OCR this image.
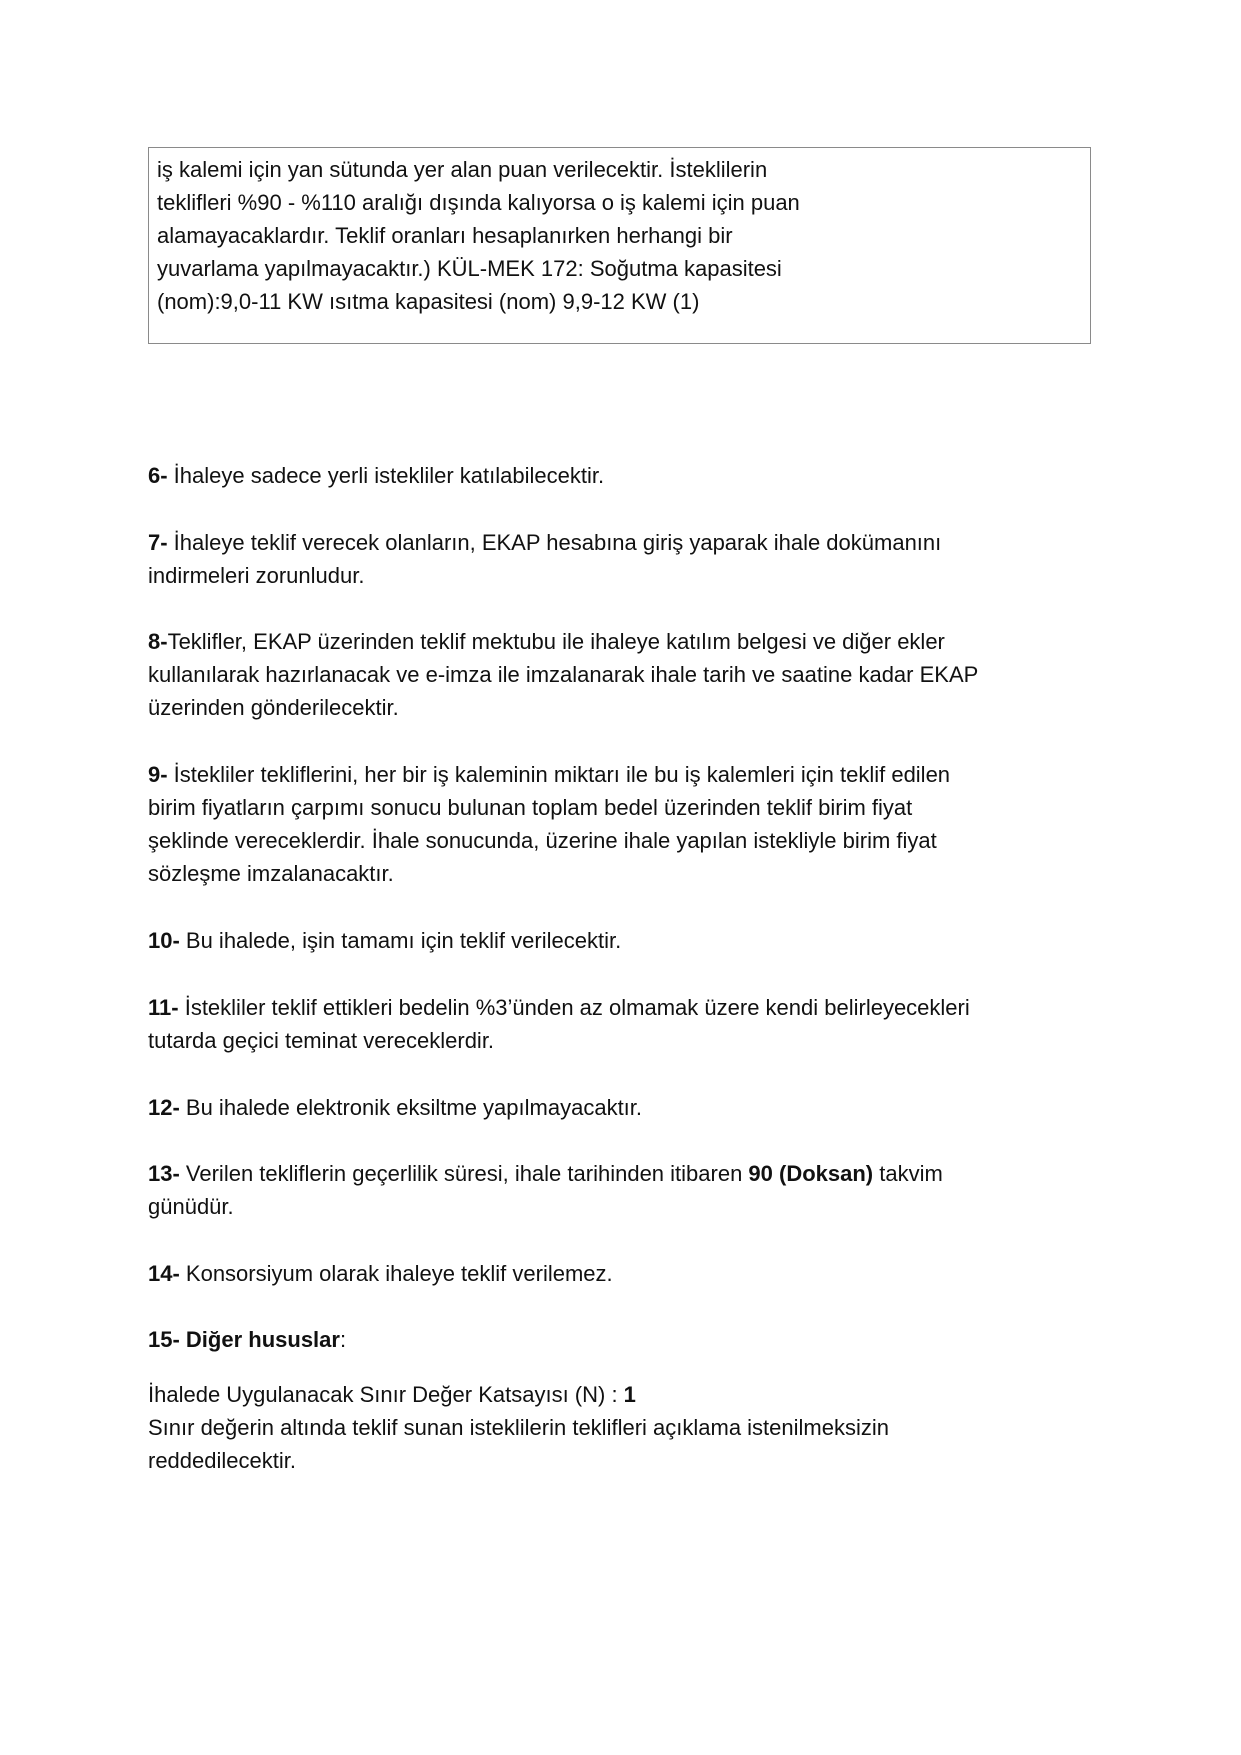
iş kalemi için yan sütunda yer alan puan verilecektir. İsteklilerin
teklifleri %90 - %110 aralığı dışında kalıyorsa o iş kalemi için puan
alamayacaklardır. Teklif oranları hesaplanırken herhangi bir
yuvarlama yapılmayacaktır.) KÜL-MEK 172: Soğutma kapasitesi
(nom):9,0-11 KW ısıtma kapasitesi (nom) 9,9-12 KW (1)
6- İhaleye sadece yerli istekliler katılabilecektir.
7- İhaleye teklif verecek olanların, EKAP hesabına giriş yaparak ihale dokümanını
indirmeleri zorunludur.
8-Teklifler, EKAP üzerinden teklif mektubu ile ihaleye katılım belgesi ve diğer ekler
kullanılarak hazırlanacak ve e-imza ile imzalanarak ihale tarih ve saatine kadar EKAP
üzerinden gönderilecektir.
9- İstekliler tekliflerini, her bir iş kaleminin miktarı ile bu iş kalemleri için teklif edilen
birim fiyatların çarpımı sonucu bulunan toplam bedel üzerinden teklif birim fiyat
şeklinde vereceklerdir. İhale sonucunda, üzerine ihale yapılan istekliyle birim fiyat
sözleşme imzalanacaktır.
10- Bu ihalede, işin tamamı için teklif verilecektir.
11- İstekliler teklif ettikleri bedelin %3’ünden az olmamak üzere kendi belirleyecekleri
tutarda geçici teminat vereceklerdir.
12- Bu ihalede elektronik eksiltme yapılmayacaktır.
13- Verilen tekliflerin geçerlilik süresi, ihale tarihinden itibaren 90 (Doksan) takvim
günüdür.
14- Konsorsiyum olarak ihaleye teklif verilemez.
15- Diğer hususlar:
İhalede Uygulanacak Sınır Değer Katsayısı (N) : 1
Sınır değerin altında teklif sunan isteklilerin teklifleri açıklama istenilmeksizin
reddedilecektir.
